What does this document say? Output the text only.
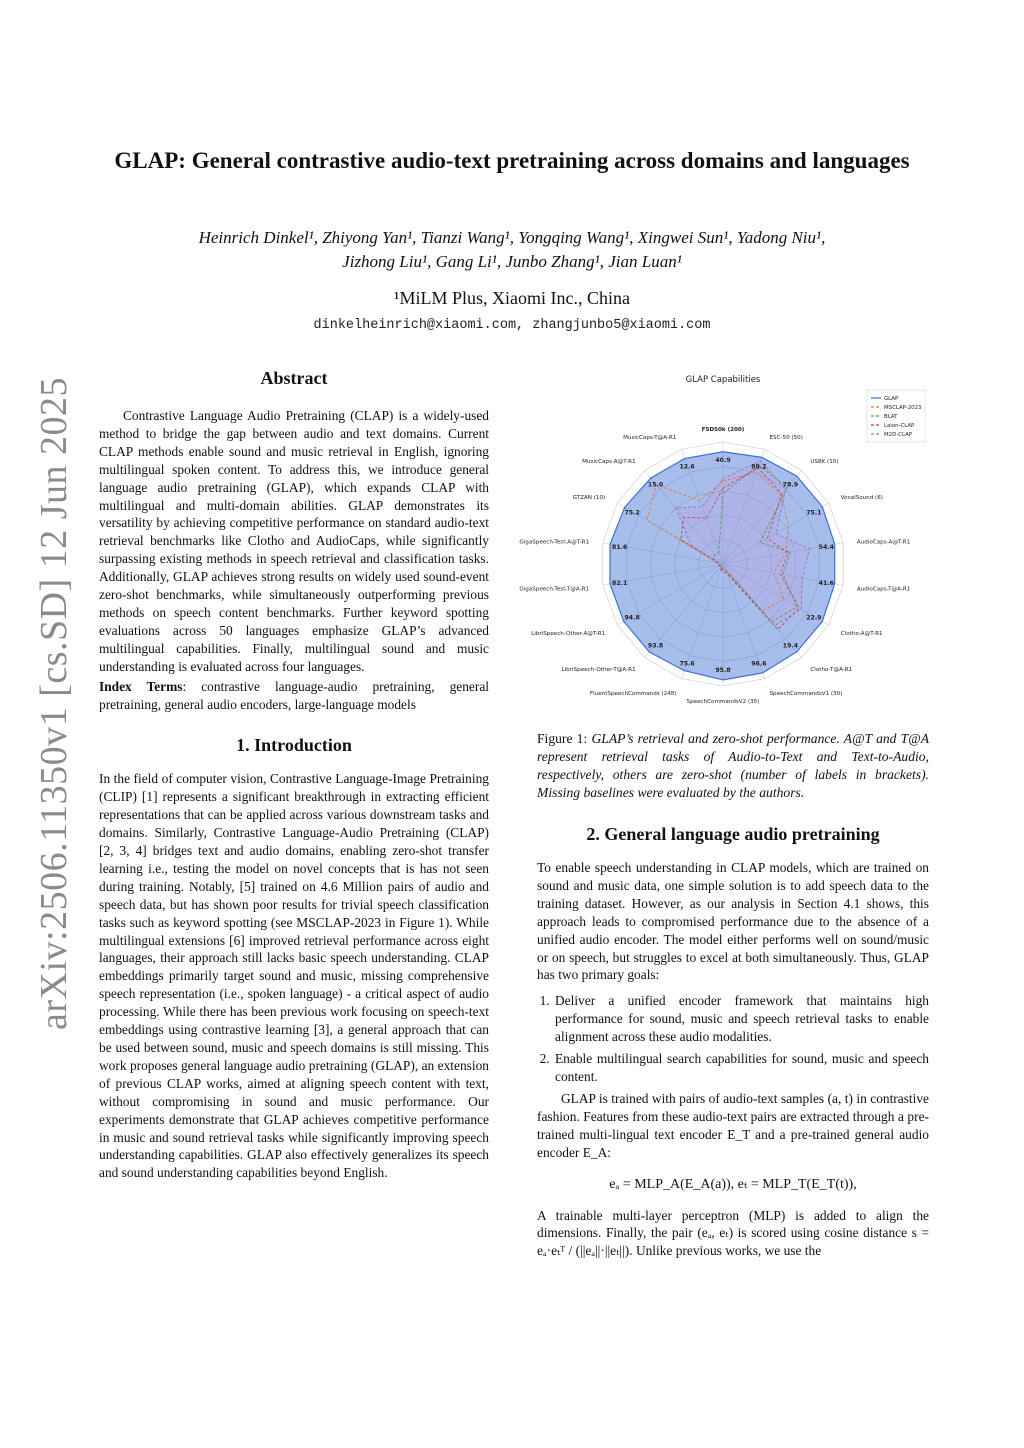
arXiv:2506.11350v1 [cs.SD] 12 Jun 2025
GLAP: General contrastive audio-text pretraining across domains and languages
Heinrich Dinkel¹, Zhiyong Yan¹, Tianzi Wang¹, Yongqing Wang¹, Xingwei Sun¹, Yadong Niu¹,
Jizhong Liu¹, Gang Li¹, Junbo Zhang¹, Jian Luan¹
¹MiLM Plus, Xiaomi Inc., China
dinkelheinrich@xiaomi.com, zhangjunbo5@xiaomi.com
Abstract

Contrastive Language Audio Pretraining (CLAP) is a widely-used method to bridge the gap between audio and text domains. Current CLAP methods enable sound and music retrieval in English, ignoring multilingual spoken content. To address this, we introduce general language audio pretraining (GLAP), which expands CLAP with multilingual and multi-domain abilities. GLAP demonstrates its versatility by achieving competitive performance on standard audio-text retrieval benchmarks like Clotho and AudioCaps, while significantly surpassing existing methods in speech retrieval and classification tasks. Additionally, GLAP achieves strong results on widely used sound-event zero-shot benchmarks, while simultaneously outperforming previous methods on speech content benchmarks. Further keyword spotting evaluations across 50 languages emphasize GLAP’s advanced multilingual capabilities. Finally, multilingual sound and music understanding is evaluated across four languages.

Index Terms: contrastive language-audio pretraining, general pretraining, general audio encoders, large-language models
1. Introduction

In the field of computer vision, Contrastive Language-Image Pretraining (CLIP) [1] represents a significant breakthrough in extracting efficient representations that can be applied across various downstream tasks and domains. Similarly, Contrastive Language-Audio Pretraining (CLAP) [2, 3, 4] bridges text and audio domains, enabling zero-shot transfer learning i.e., testing the model on novel concepts that is has not seen during training. Notably, [5] trained on 4.6 Million pairs of audio and speech data, but has shown poor results for trivial speech classification tasks such as keyword spotting (see MSCLAP-2023 in Figure 1). While multilingual extensions [6] improved retrieval performance across eight languages, their approach still lacks basic speech understanding. CLAP embeddings primarily target sound and music, missing comprehensive speech representation (i.e., spoken language) - a critical aspect of audio processing. While there has been previous work focusing on speech-text embeddings using contrastive learning [3], a general approach that can be used between sound, music and speech domains is still missing. This work proposes general language audio pretraining (GLAP), an extension of previous CLAP works, aimed at aligning speech content with text, without compromising in sound and music performance. Our experiments demonstrate that GLAP achieves competitive performance in music and sound retrieval tasks while significantly improving speech understanding capabilities. GLAP also effectively generalizes its speech and sound understanding capabilities beyond English.

GLAP Capabilities
FSD50k (200)
40.9
ESC-50 (50)
89.2
US8K (10)
78.9
VocalSound (6)
75.1
AudioCaps-A@T-R1
54.4
AudioCaps-T@A-R1
41.6
Clotho-A@T-R1
22.9
Clotho-T@A-R1
19.4
SpeechCommandsV1 (30)
96.6
SpeechCommandsV2 (35)
95.8
FluentSpeechCommands (248)
75.6
LibriSpeech-Other-T@A-R1
93.8
LibriSpeech-Other-A@T-R1
94.8
GigaSpeech-Test-T@A-R1
82.1
GigaSpeech-Test-A@T-R1
81.6
GTZAN (10)
75.2
MusicCaps-A@T-R1
15.0
MusicCaps-T@A-R1
12.6
GLAP
MSCLAP-2023
BLAT
Laion-CLAP
M2D-CLAP
Figure 1: GLAP’s retrieval and zero-shot performance. A@T and T@A represent retrieval tasks of Audio-to-Text and Text-to-Audio, respectively, others are zero-shot (number of labels in brackets). Missing baselines were evaluated by the authors.
2. General language audio pretraining

To enable speech understanding in CLAP models, which are trained on sound and music data, one simple solution is to add speech data to the training dataset. However, as our analysis in Section 4.1 shows, this approach leads to compromised performance due to the absence of a unified audio encoder. The model either performs well on sound/music or on speech, but struggles to excel at both simultaneously. Thus, GLAP has two primary goals:

1. Deliver a unified encoder framework that maintains high performance for sound, music and speech retrieval tasks to enable alignment across these audio modalities.
2. Enable multilingual search capabilities for sound, music and speech content.

GLAP is trained with pairs of audio-text samples (a, t) in contrastive fashion. Features from these audio-text pairs are extracted through a pre-trained multi-lingual text encoder E_T and a pre-trained general audio encoder E_A:

eₐ = MLP_A(E_A(a)), eₜ = MLP_T(E_T(t)),

A trainable multi-layer perceptron (MLP) is added to align the dimensions. Finally, the pair (eₐ, eₜ) is scored using cosine distance s = eₐ·eₜᵀ / (||eₐ||·||eₜ||). Unlike previous works, we use the
